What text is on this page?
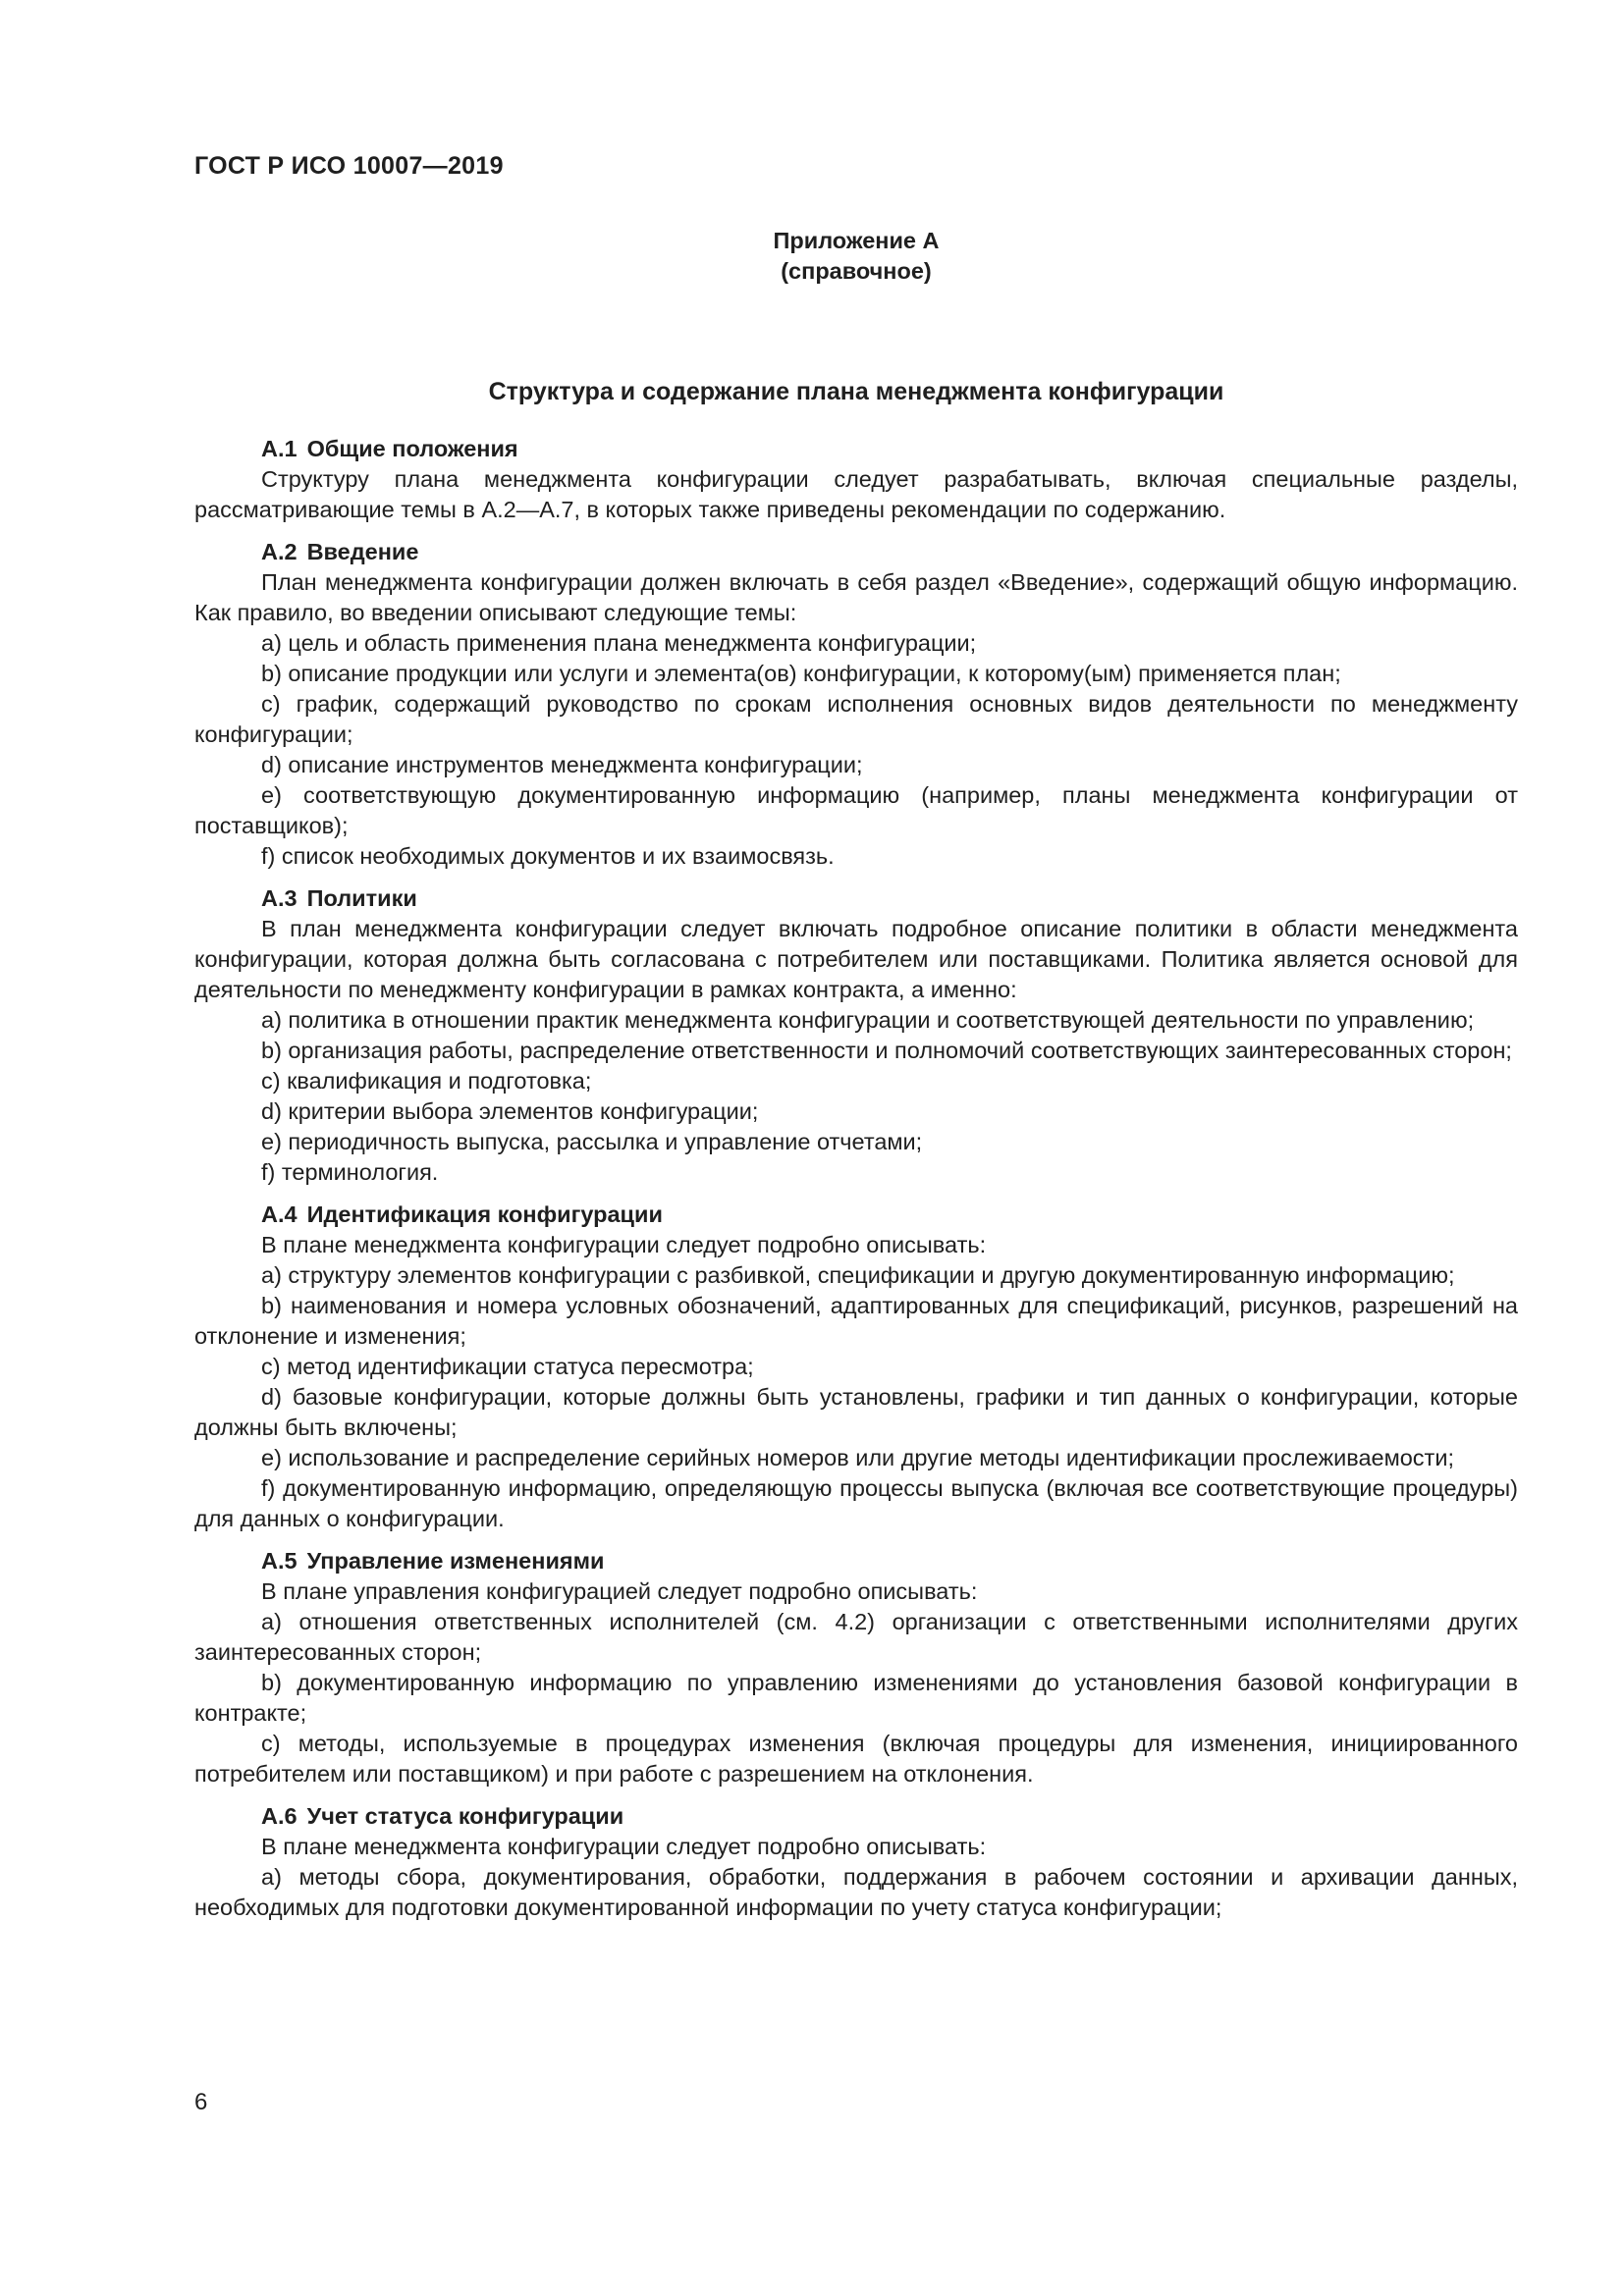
ГОСТ Р ИСО 10007—2019
Приложение А
(справочное)
Структура и содержание плана менеджмента конфигурации
А.1 Общие положения

Структуру плана менеджмента конфигурации следует разрабатывать, включая специальные разделы, рассматривающие темы в А.2—А.7, в которых также приведены рекомендации по содержанию.

А.2 Введение

План менеджмента конфигурации должен включать в себя раздел «Введение», содержащий общую информацию. Как правило, во введении описывают следующие темы:

a) цель и область применения плана менеджмента конфигурации;

b) описание продукции или услуги и элемента(ов) конфигурации, к которому(ым) применяется план;

c) график, содержащий руководство по срокам исполнения основных видов деятельности по менеджменту конфигурации;

d) описание инструментов менеджмента конфигурации;

e) соответствующую документированную информацию (например, планы менеджмента конфигурации от поставщиков);

f) список необходимых документов и их взаимосвязь.

А.3 Политики

В план менеджмента конфигурации следует включать подробное описание политики в области менеджмента конфигурации, которая должна быть согласована с потребителем или поставщиками. Политика является основой для деятельности по менеджменту конфигурации в рамках контракта, а именно:

a) политика в отношении практик менеджмента конфигурации и соответствующей деятельности по управлению;

b) организация работы, распределение ответственности и полномочий соответствующих заинтересованных сторон;

c) квалификация и подготовка;

d) критерии выбора элементов конфигурации;

e) периодичность выпуска, рассылка и управление отчетами;

f) терминология.

А.4 Идентификация конфигурации

В плане менеджмента конфигурации следует подробно описывать:

a) структуру элементов конфигурации с разбивкой, спецификации и другую документированную информацию;

b) наименования и номера условных обозначений, адаптированных для спецификаций, рисунков, разрешений на отклонение и изменения;

c) метод идентификации статуса пересмотра;

d) базовые конфигурации, которые должны быть установлены, графики и тип данных о конфигурации, которые должны быть включены;

e) использование и распределение серийных номеров или другие методы идентификации прослеживаемости;

f) документированную информацию, определяющую процессы выпуска (включая все соответствующие процедуры) для данных о конфигурации.

А.5 Управление изменениями

В плане управления конфигурацией следует подробно описывать:

a) отношения ответственных исполнителей (см. 4.2) организации с ответственными исполнителями других заинтересованных сторон;

b) документированную информацию по управлению изменениями до установления базовой конфигурации в контракте;

c) методы, используемые в процедурах изменения (включая процедуры для изменения, инициированного потребителем или поставщиком) и при работе с разрешением на отклонения.

А.6 Учет статуса конфигурации

В плане менеджмента конфигурации следует подробно описывать:

a) методы сбора, документирования, обработки, поддержания в рабочем состоянии и архивации данных, необходимых для подготовки документированной информации по учету статуса конфигурации;

6
